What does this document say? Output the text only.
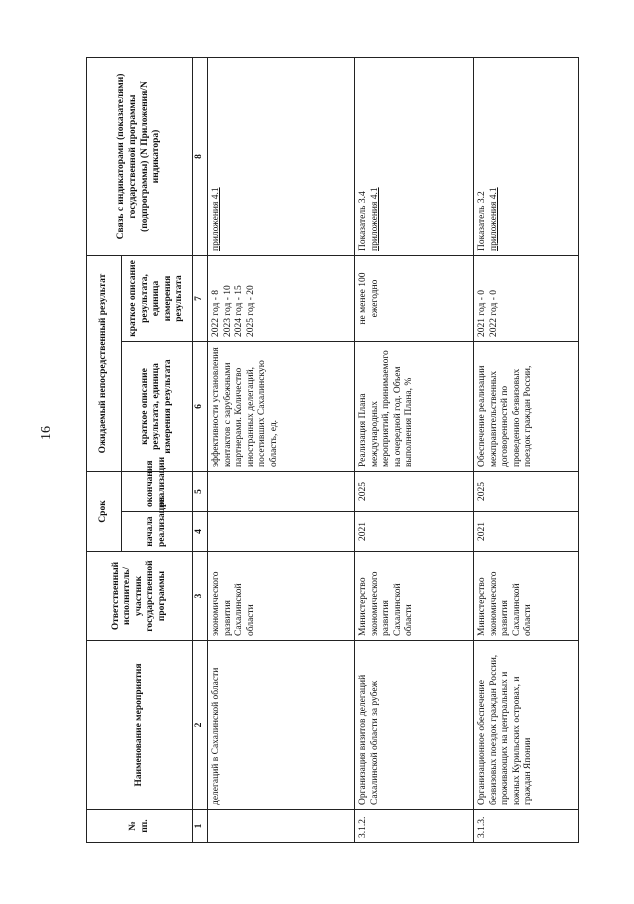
16
№ пп.	Наименование мероприятия	Ответственный исполнитель/участник государственной программы	Срок		Ожидаемый непосредственный результат		Связь с индикаторами (показателями) государственной программы (подпрограммы) (N Приложения/N индикатора)
			начала реализации	окончания реализации	краткое описание результата, единица измерения результата	краткое описание результата, единица измерения результата	
1	2	3	4	5	6	7	8
	делегаций в Сахалинской области	экономического развития Сахалинской области			эффективности установления контактов с зарубежными партнерами. Количество иностранных делегаций, посетивших Сахалинскую область, ед.	2022 год - 8 2023 год - 10 2024 год - 15 2025 год - 20	приложения 4.1

3.1.2.	Организация визитов делегаций Сахалинской области за рубеж	Министерство экономического развития Сахалинской области	2021	2025	Реализация Плана международных мероприятий, принимаемого на очередной год. Объем выполнения Плана, %	не менее 100 ежегодно	Показатель 3.4 приложения 4.1

3.1.3.	Организационное обеспечение безвизовых поездок граждан России, проживающих на центральных и южных Курильских островах, и граждан Японии	Министерство экономического развития Сахалинской области	2021	2025	Обеспечение реализации межправительственных договоренностей по проведению безвизовых поездок граждан России,	2021 год - 0 2022 год - 0	Показатель 3.2 приложения 4.1
